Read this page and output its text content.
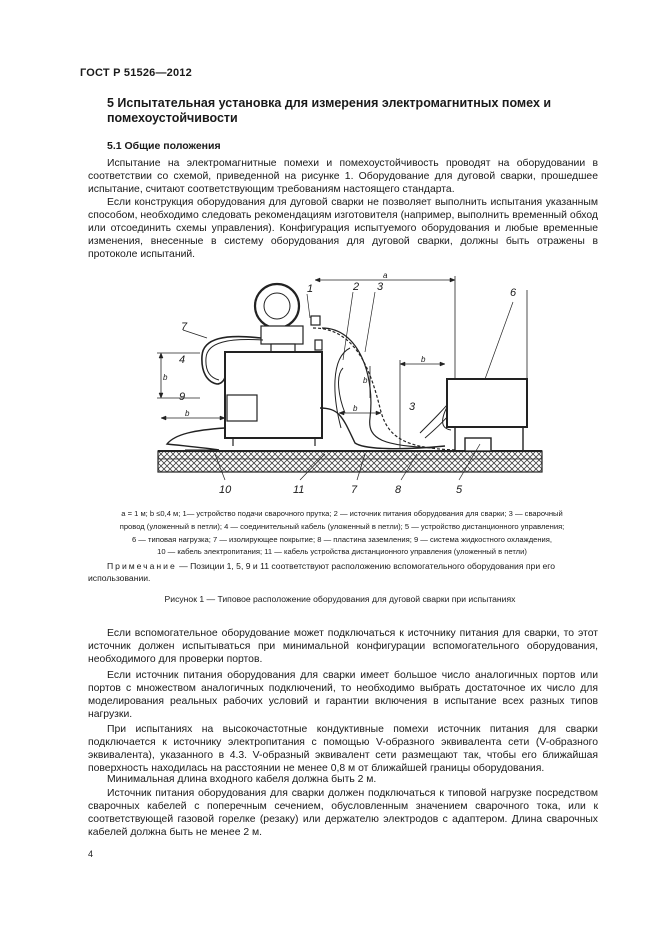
ГОСТ Р 51526—2012
5 Испытательная установка для измерения электромагнитных помех и помехоустойчивости
5.1 Общие положения

Испытание на электромагнитные помехи и помехоустойчивость проводят на оборудовании в соответствии со схемой, приведенной на рисунке 1. Оборудование для дуговой сварки, прошедшее испытание, считают соответствующим требованиям настоящего стандарта.

Если конструкция оборудования для дуговой сварки не позволяет выполнить испытания указанным способом, необходимо следовать рекомендациям изготовителя (например, выполнить временный обход или отсоединить схемы управления). Конфигурация испытуемого оборудования и любые временные изменения, внесенные в систему оборудования для дуговой сварки, должны быть отражены в протоколе испытаний.

1	2 3
3
4
5
6
7
7	8
9
10	11
a
b
b
b
b
b

a = 1 м; b ≤0,4 м; 1— устройство подачи сварочного прутка; 2 — источник питания оборудования для сварки; 3 — сварочный
провод (уложенный в петли); 4 — соединительный кабель (уложенный в петли); 5 — устройство дистанционного управления;
6 — типовая нагрузка; 7 — изолирующее покрытие; 8 — пластина заземления; 9 — система жидкостного охлаждения,
10 — кабель электропитания; 11 — кабель устройства дистанционного управления (уложенный в петли)

Примечание — Позиции 1, 5, 9 и 11 соответствуют расположению вспомогательного оборудования при его использовании.

Рисунок 1 — Типовое расположение оборудования для дуговой сварки при испытаниях

Если вспомогательное оборудование может подключаться к источнику питания для сварки, то этот источник должен испытываться при минимальной конфигурации вспомогательного оборудования, необходимого для проверки портов.

Если источник питания оборудования для сварки имеет большое число аналогичных портов или портов с множеством аналогичных подключений, то необходимо выбрать достаточное их число для моделирования реальных рабочих условий и гарантии включения в испытание всех разных типов нагрузки.

При испытаниях на высокочастотные кондуктивные помехи источник питания для сварки подключается к источнику электропитания с помощью V-образного эквивалента сети (V-образного эквивалента), указанного в 4.3. V-образный эквивалент сети размещают так, чтобы его ближайшая поверхность находилась на расстоянии не менее 0,8 м от ближайшей границы оборудования.

Минимальная длина входного кабеля должна быть 2 м.

Источник питания оборудования для сварки должен подключаться к типовой нагрузке посредством сварочных кабелей с поперечным сечением, обусловленным значением сварочного тока, или к соответствующей газовой горелке (резаку) или держателю электродов с адаптером. Длина сварочных кабелей должна быть не менее 2 м.

4
